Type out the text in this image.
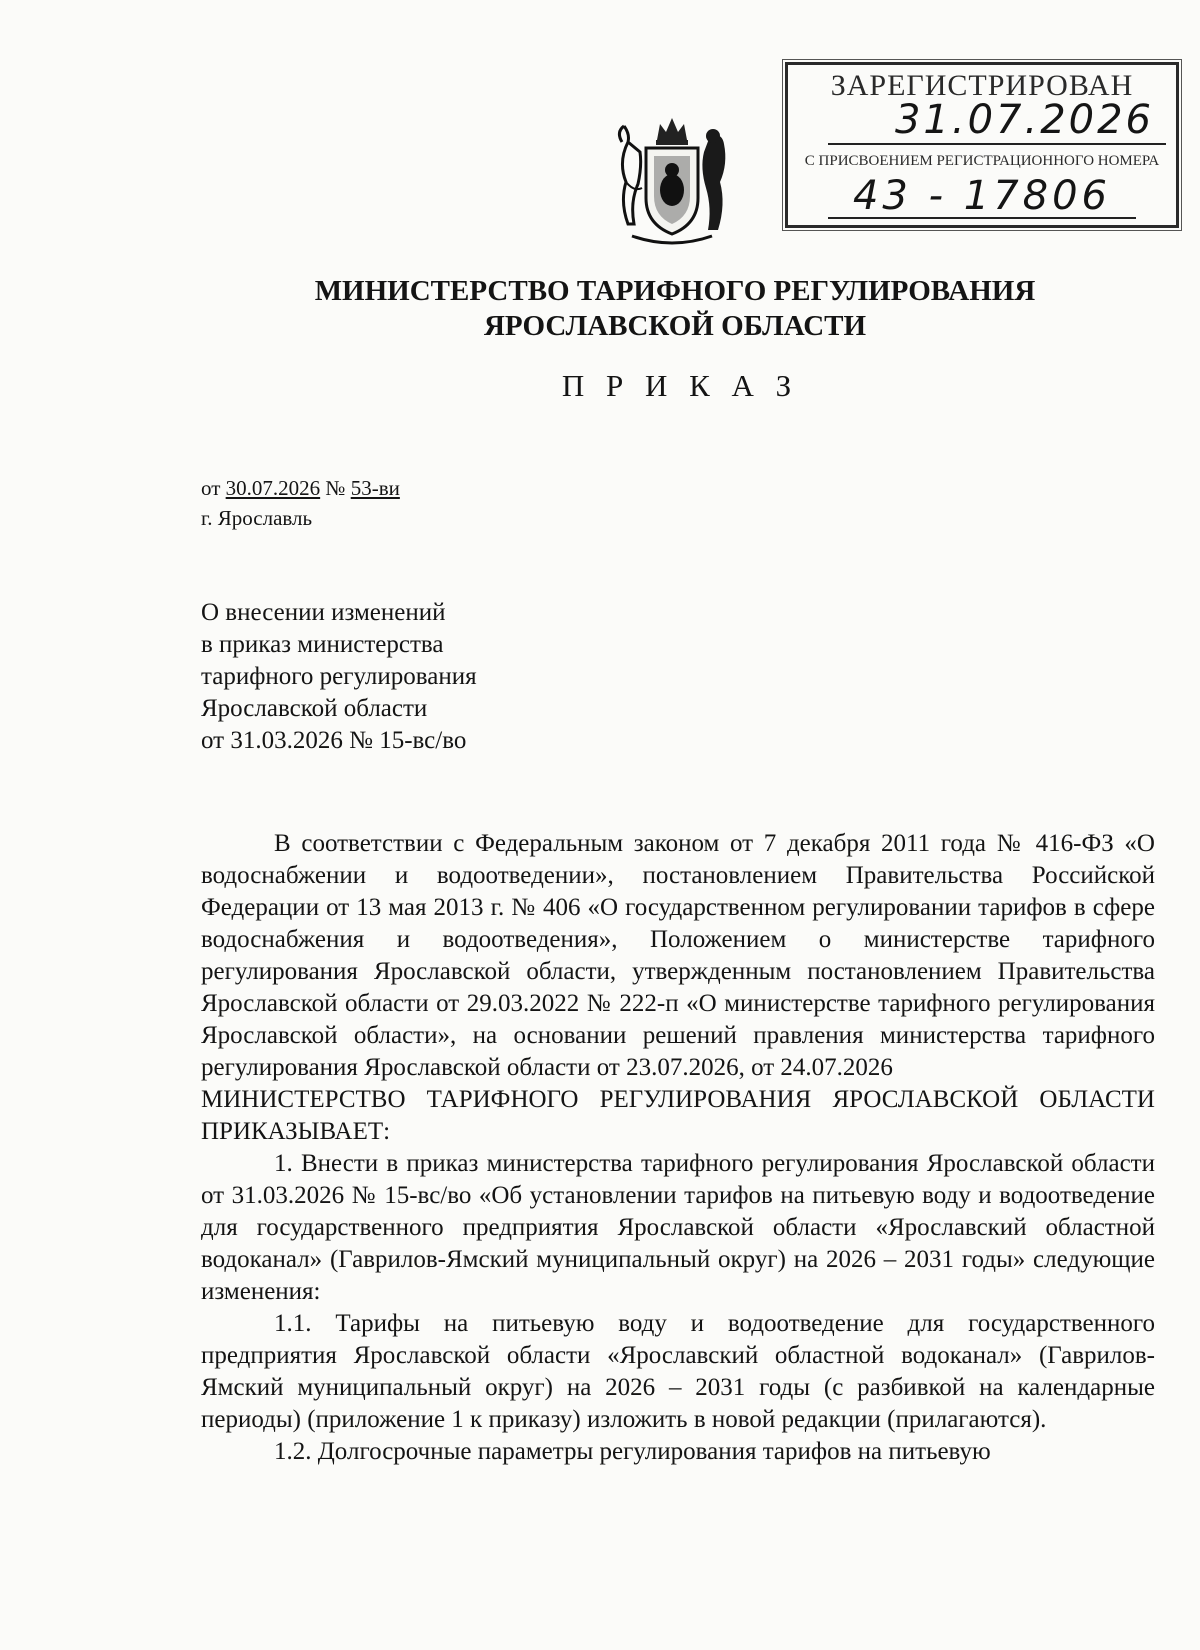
ЗАРЕГИСТРИРОВАН
31.07.2026
С ПРИСВОЕНИЕМ РЕГИСТРАЦИОННОГО НОМЕРА
43 - 17806
МИНИСТЕРСТВО ТАРИФНОГО РЕГУЛИРОВАНИЯ
ЯРОСЛАВСКОЙ ОБЛАСТИ
П Р И К А З
от 30.07.2026 № 53-ви
г. Ярославль
О внесении изменений
в приказ министерства
тарифного регулирования
Ярославской области
от 31.03.2026 № 15-вс/во

В соответствии с Федеральным законом от 7 декабря 2011 года № 416-ФЗ «О водоснабжении и водоотведении», постановлением Правительства Российской Федерации от 13 мая 2013 г. № 406 «О государственном регулировании тарифов в сфере водоснабжения и водоотведения», Положением о министерстве тарифного регулирования Ярославской области, утвержденным постановлением Правительства Ярославской области от 29.03.2022 № 222-п «О министерстве тарифного регулирования Ярославской области», на основании решений правления министерства тарифного регулирования Ярославской области от 23.07.2026, от 24.07.2026

МИНИСТЕРСТВО ТАРИФНОГО РЕГУЛИРОВАНИЯ ЯРОСЛАВСКОЙ ОБЛАСТИ ПРИКАЗЫВАЕТ:

1. Внести в приказ министерства тарифного регулирования Ярославской области от 31.03.2026 № 15-вс/во «Об установлении тарифов на питьевую воду и водоотведение для государственного предприятия Ярославской области «Ярославский областной водоканал» (Гаврилов-Ямский муниципальный округ) на 2026 – 2031 годы» следующие изменения:

1.1. Тарифы на питьевую воду и водоотведение для государственного предприятия Ярославской области «Ярославский областной водоканал» (Гаврилов-Ямский муниципальный округ) на 2026 – 2031 годы (с разбивкой на календарные периоды) (приложение 1 к приказу) изложить в новой редакции (прилагаются).

1.2. Долгосрочные параметры регулирования тарифов на питьевую
